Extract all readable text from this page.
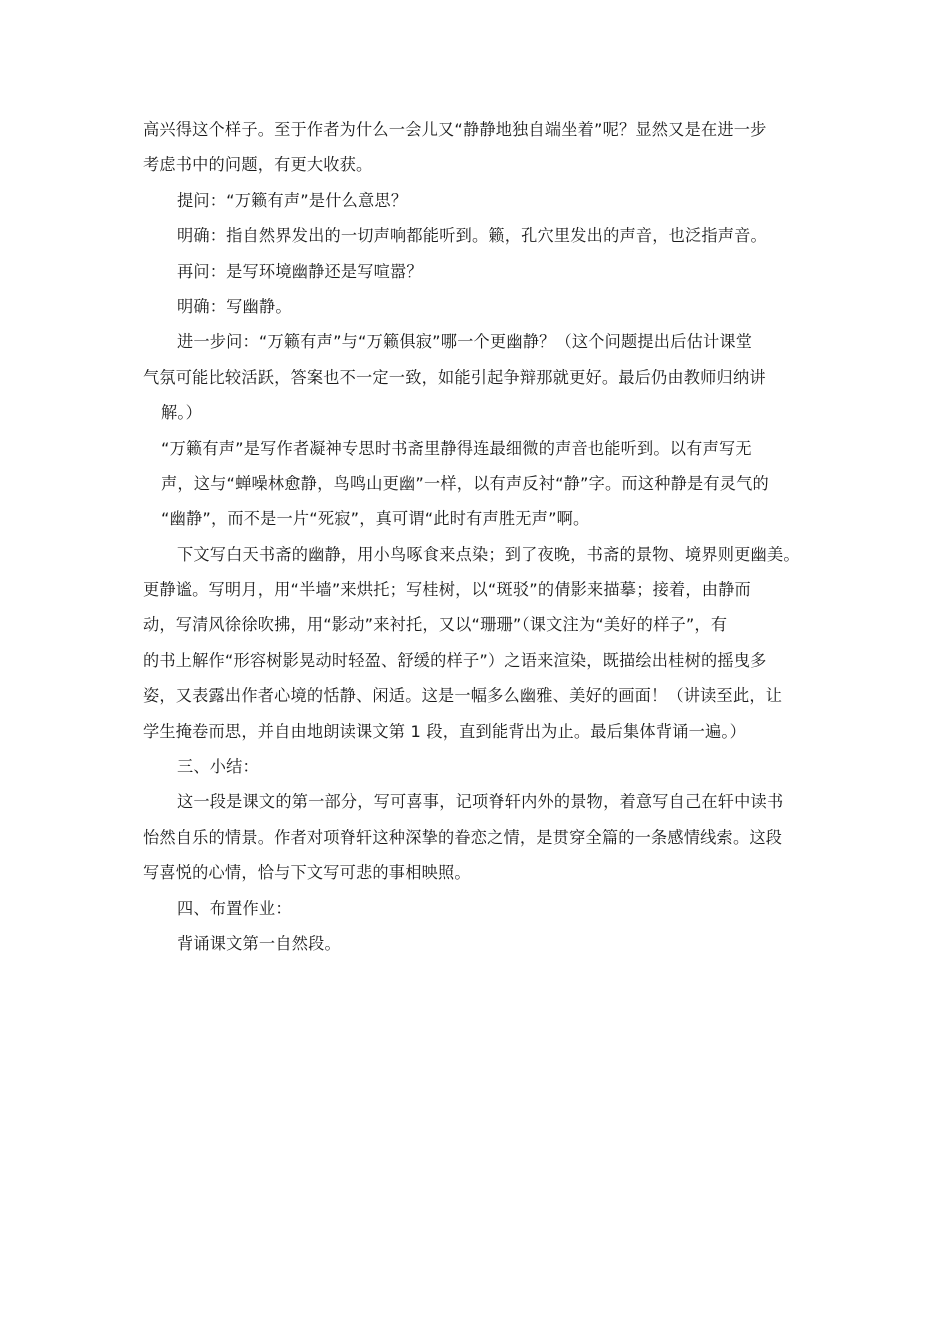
高兴得这个样子。至于作者为什么一会儿又“静静地独自端坐着”呢？显然又是在进一步

考虑书中的问题，有更大收获。

提问：“万籁有声”是什么意思？

明确：指自然界发出的一切声响都能听到。籁，孔穴里发出的声音，也泛指声音。

再问：是写环境幽静还是写喧嚣？

明确：写幽静。

进一步问：“万籁有声”与“万籁俱寂”哪一个更幽静？（这个问题提出后估计课堂

气氛可能比较活跃，答案也不一定一致，如能引起争辩那就更好。最后仍由教师归纳讲

解。）

“万籁有声”是写作者凝神专思时书斋里静得连最细微的声音也能听到。以有声写无

声，这与“蝉噪林愈静，鸟鸣山更幽”一样，以有声反衬“静”字。而这种静是有灵气的

“幽静”，而不是一片“死寂”，真可谓“此时有声胜无声”啊。

下文写白天书斋的幽静，用小鸟啄食来点染；到了夜晚，书斋的景物、境界则更幽美。

更静谧。写明月，用“半墙”来烘托；写桂树，以“斑驳”的倩影来描摹；接着，由静而

动，写清风徐徐吹拂，用“影动”来衬托，又以“珊珊”（课文注为“美好的样子”，有

的书上解作“形容树影晃动时轻盈、舒缓的样子”）之语来渲染，既描绘出桂树的摇曳多

姿，又表露出作者心境的恬静、闲适。这是一幅多么幽雅、美好的画面！（讲读至此，让

学生掩卷而思，并自由地朗读课文第 1 段，直到能背出为止。最后集体背诵一遍。）

三、小结：

这一段是课文的第一部分，写可喜事，记项脊轩内外的景物，着意写自己在轩中读书

怡然自乐的情景。作者对项脊轩这种深挚的眷恋之情，是贯穿全篇的一条感情线索。这段

写喜悦的心情，恰与下文写可悲的事相映照。

四、布置作业：

背诵课文第一自然段。
